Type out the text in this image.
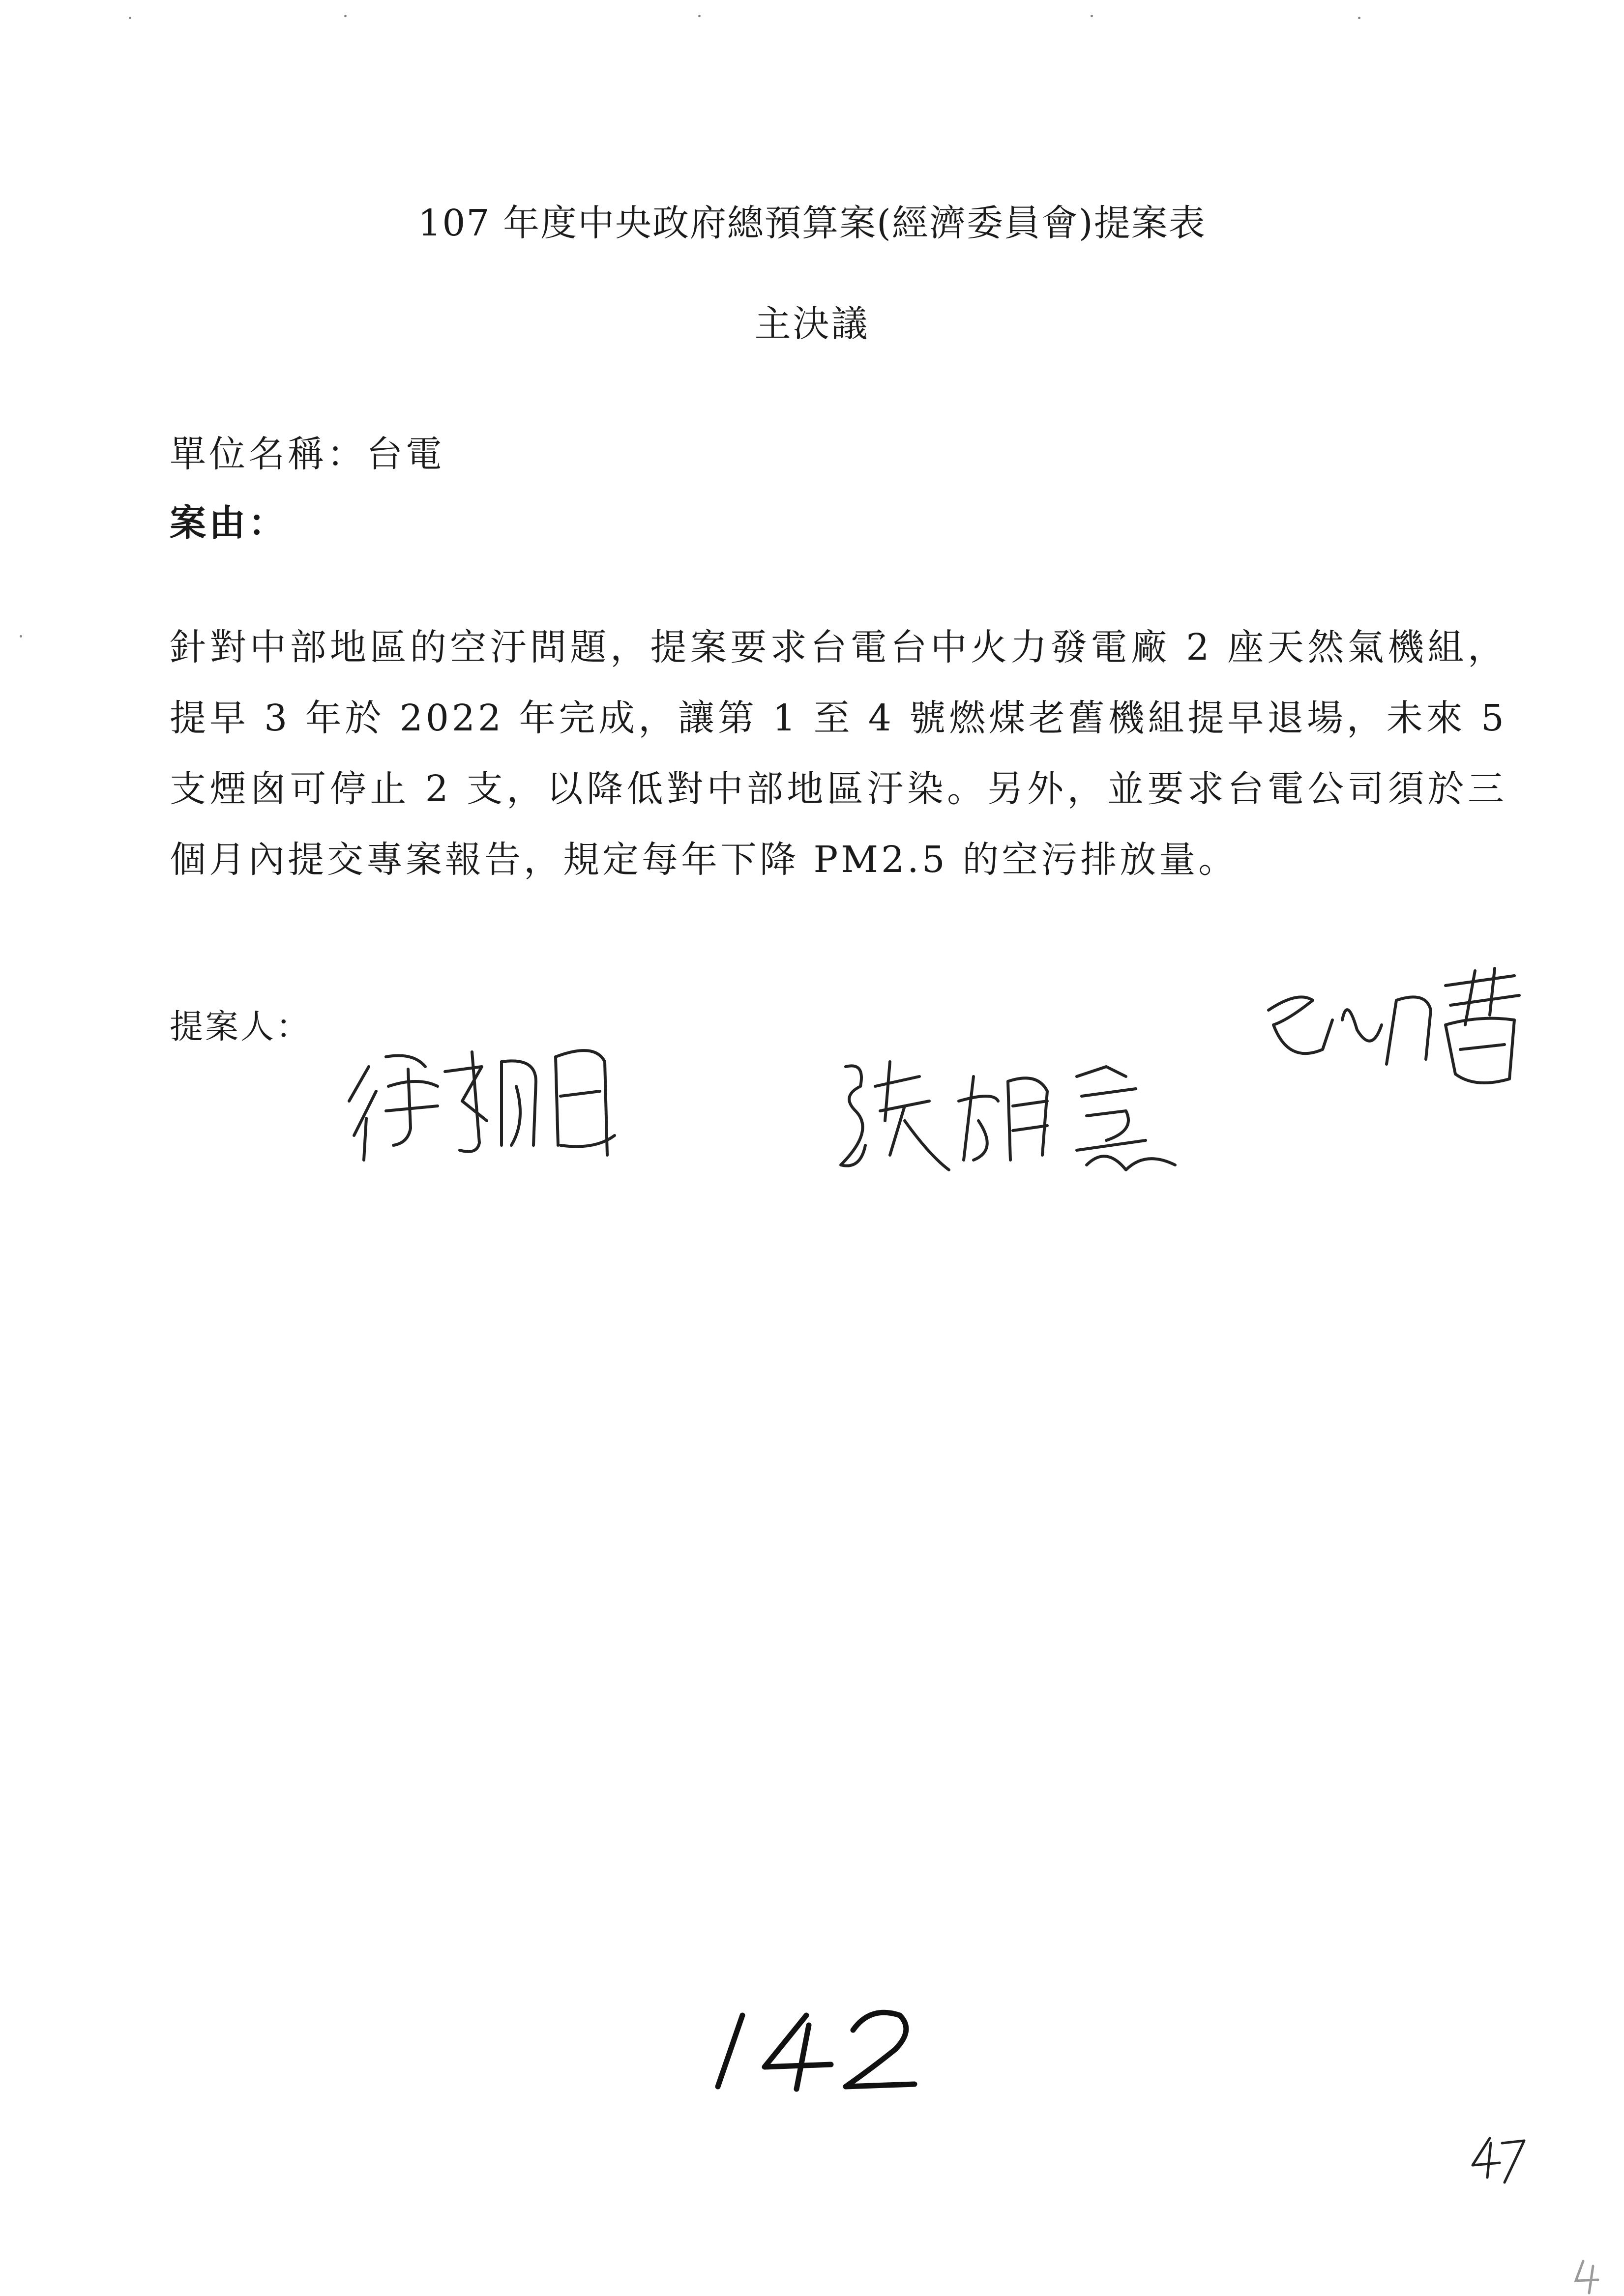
107 年度中央政府總預算案(經濟委員會)提案表
主決議
單位名稱：台電
案由：
針對中部地區的空汙問題，提案要求台電台中火力發電廠 2 座天然氣機組，提早 3 年於 2022 年完成，讓第 1 至 4 號燃煤老舊機組提早退場，未來 5 支煙囪可停止 2 支，以降低對中部地區汙染。另外，並要求台電公司須於三個月內提交專案報告，規定每年下降 PM2.5 的空污排放量。
提案人：
